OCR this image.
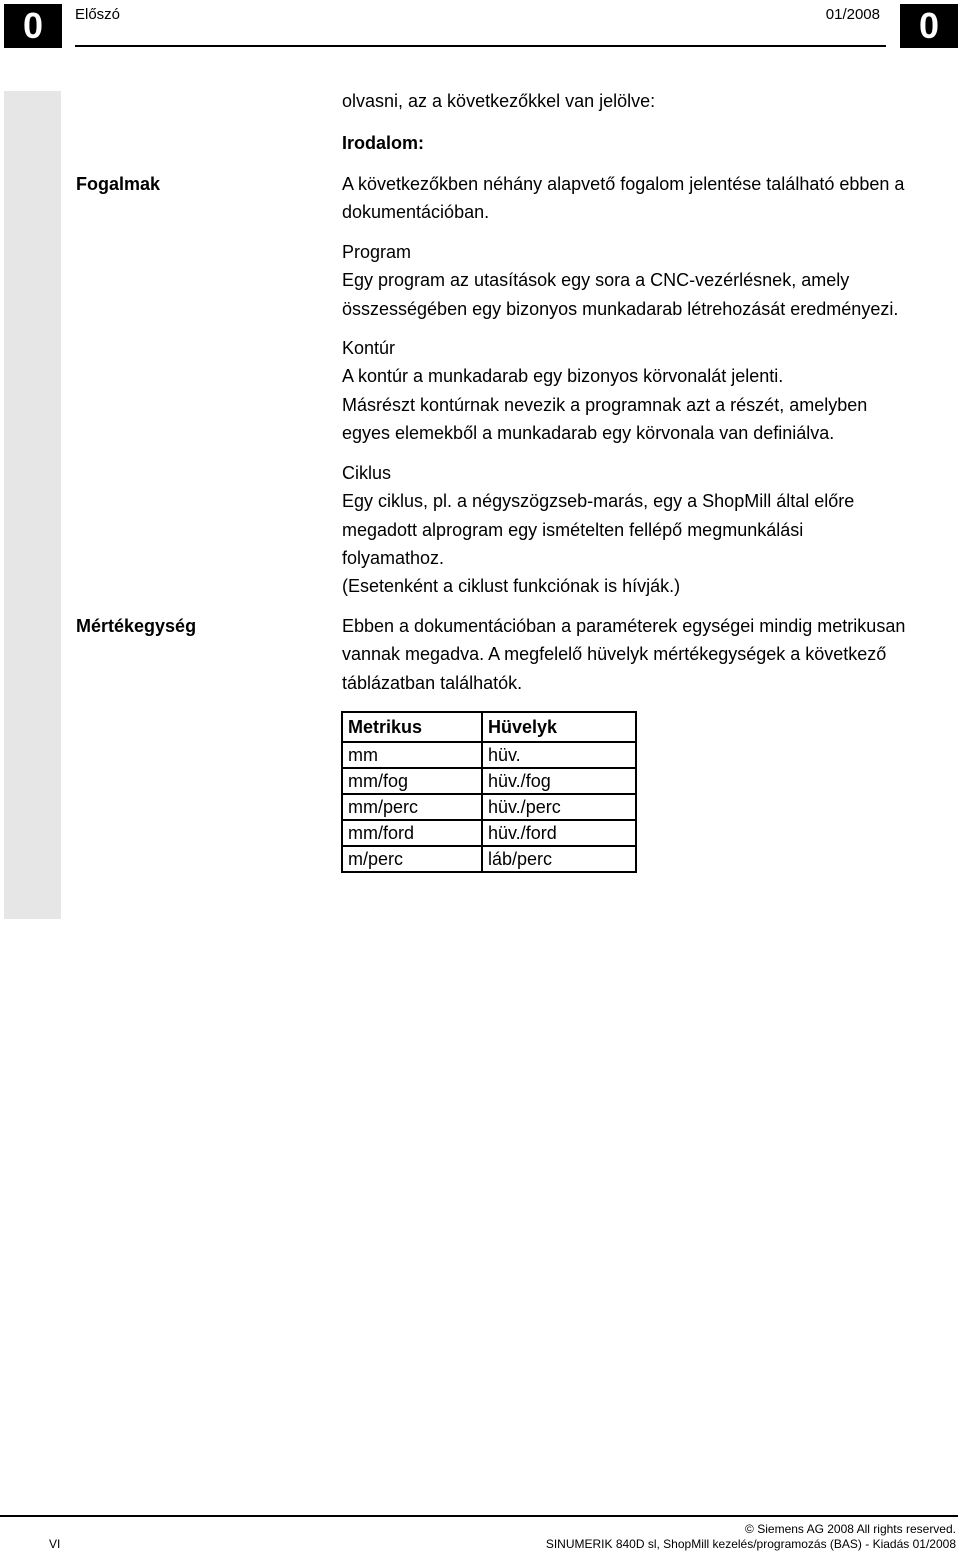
0	Előszó	01/2008	0

olvasni, az a következőkkel van jelölve:

Irodalom:
Fogalmak	A következőkben néhány alapvető fogalom jelentése található ebben a dokumentációban.

Program

Egy program az utasítások egy sora a CNC-vezérlésnek, amely összességében egy bizonyos munkadarab létrehozását eredményezi.

Kontúr

A kontúr a munkadarab egy bizonyos körvonalát jelenti.

Másrészt kontúrnak nevezik a programnak azt a részét, amelyben egyes elemekből a munkadarab egy körvonala van definiálva.

Ciklus

Egy ciklus, pl. a négyszögzseb-marás, egy a ShopMill által előre megadott alprogram egy ismételten fellépő megmunkálási folyamathoz.

(Esetenként a ciklust funkciónak is hívják.)

Mértékegység	Ebben a dokumentációban a paraméterek egységei mindig metrikusan vannak megadva. A megfelelő hüvelyk mértékegységek a következő táblázatban találhatók.

Metrikus	Hüvelyk
mm	hüv.
mm/fog	hüv./fog
mm/perc	hüv./perc
mm/ford	hüv./ford
m/perc	láb/perc
VI
© Siemens AG 2008 All rights reserved.
SINUMERIK 840D sl, ShopMill kezelés/programozás (BAS) - Kiadás 01/2008
